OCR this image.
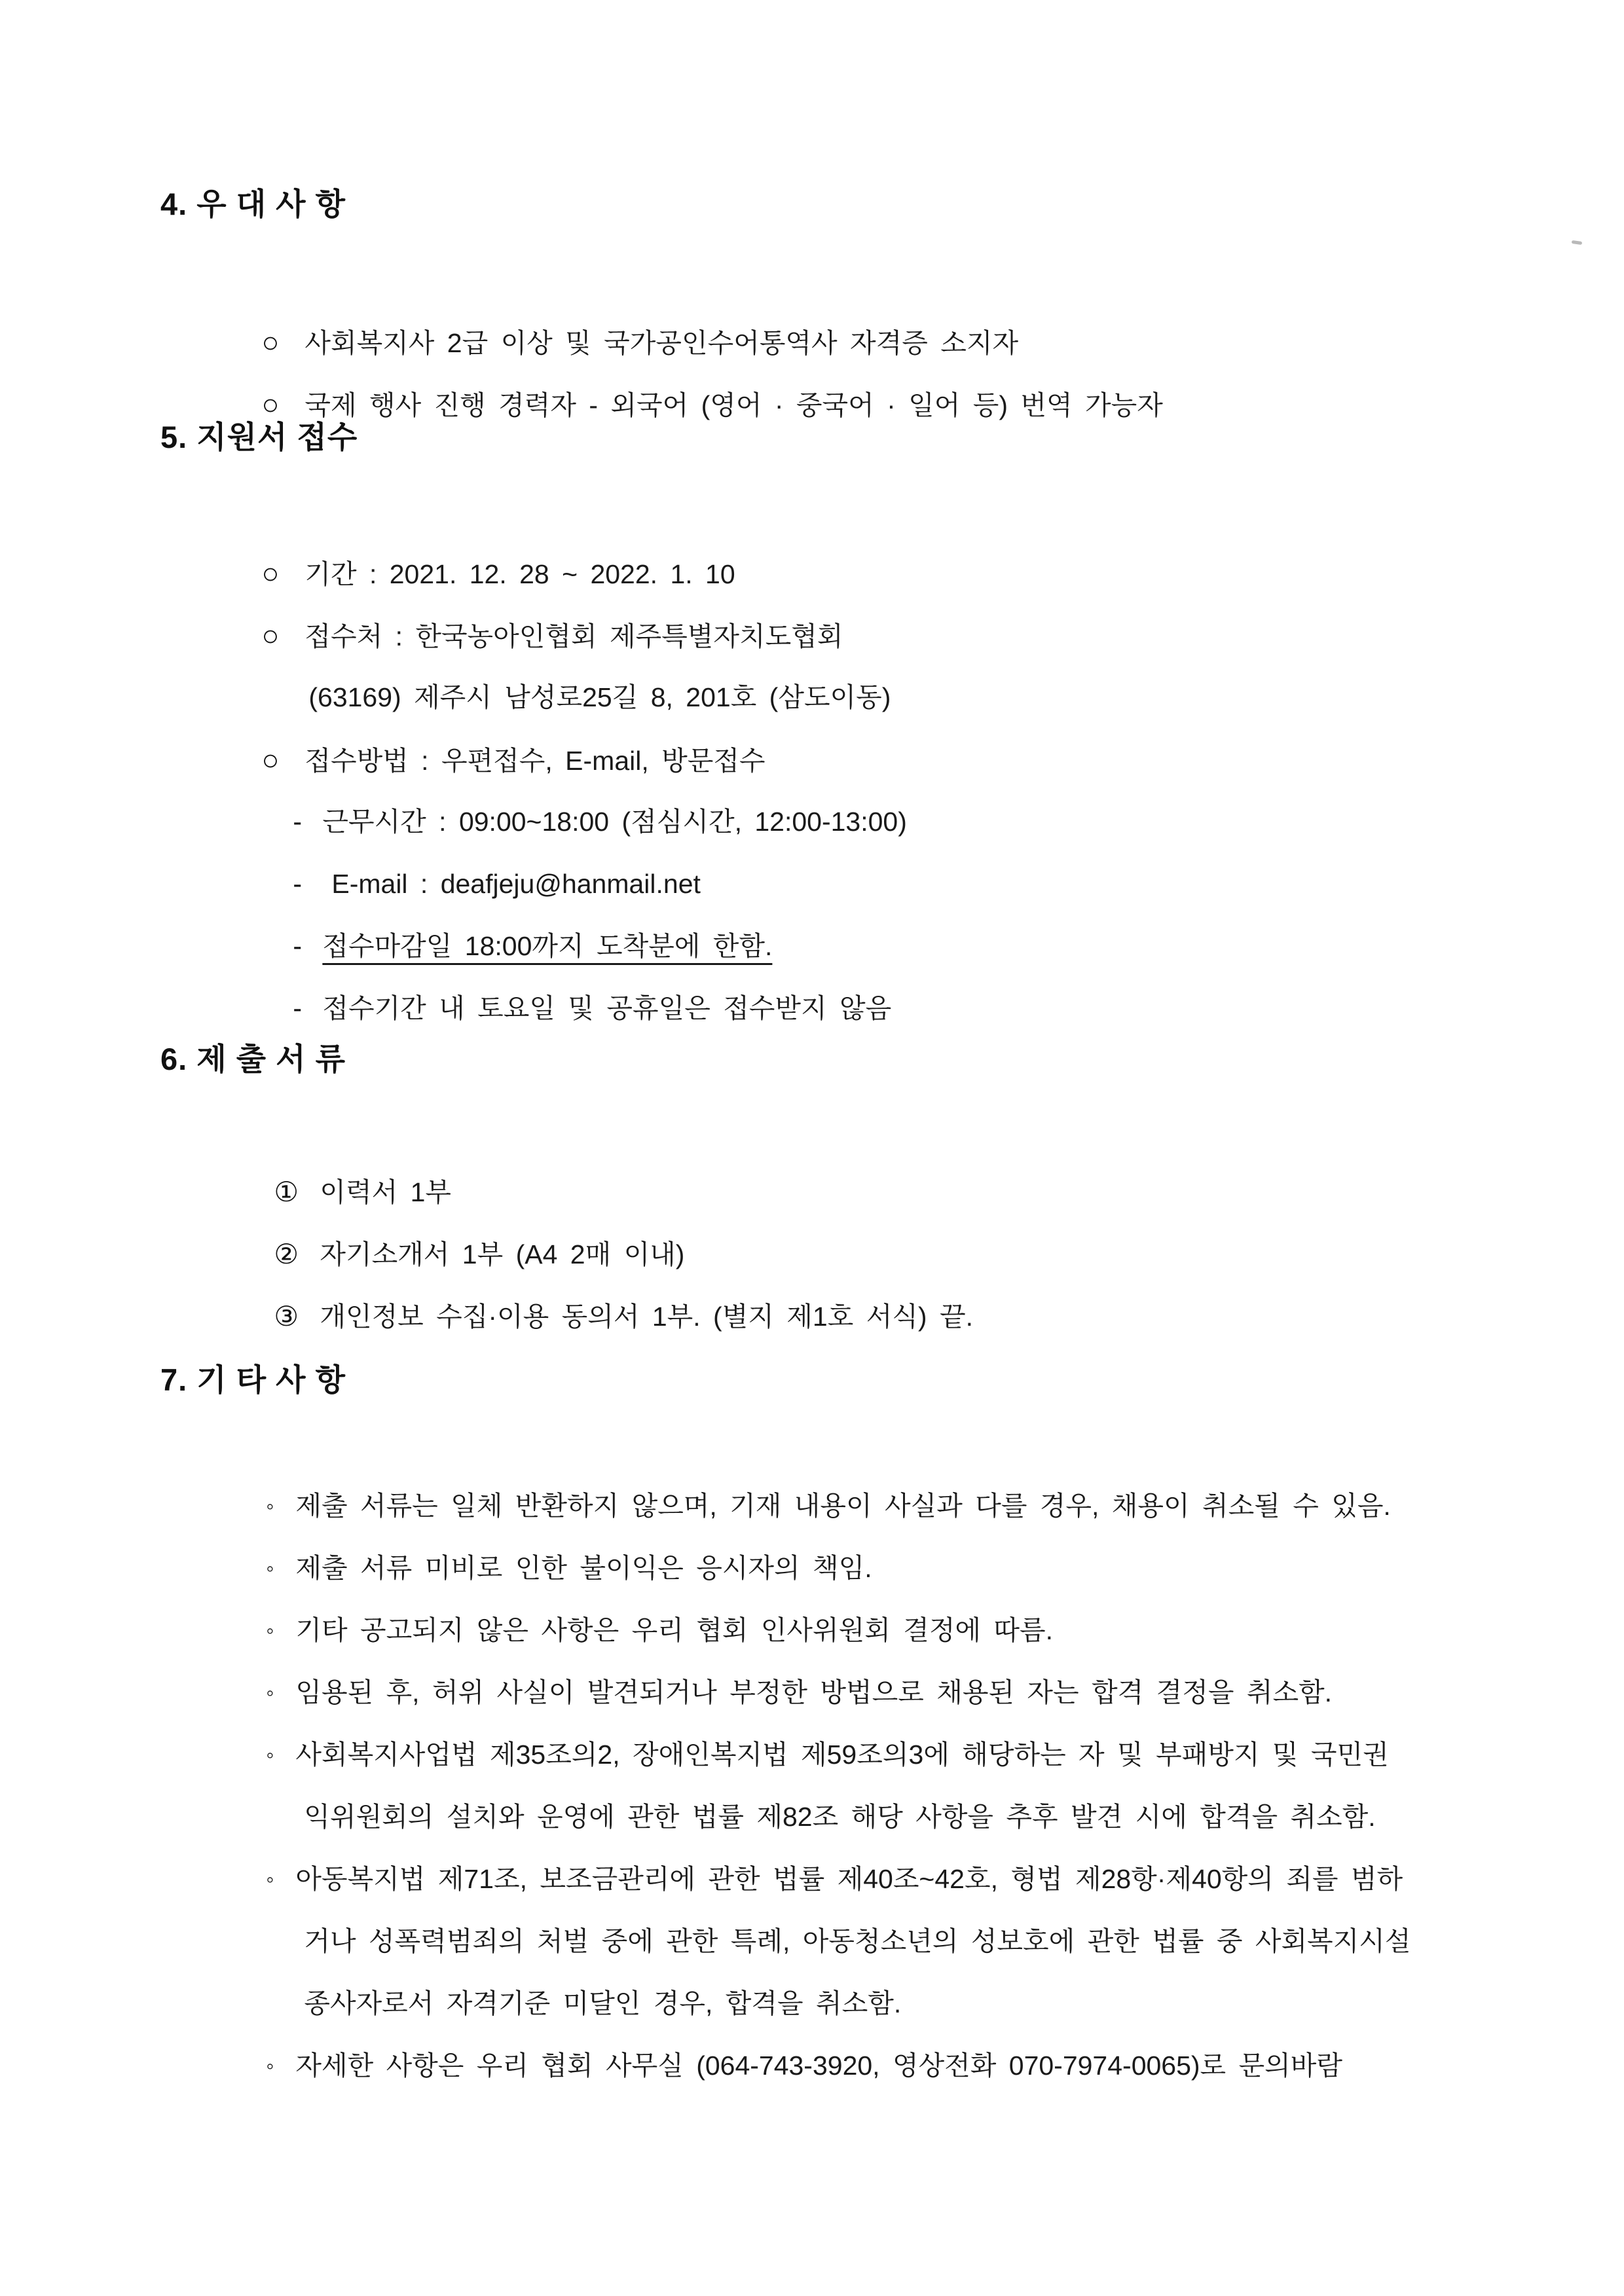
4. 우 대 사 항

○ 사회복지사 2급 이상 및 국가공인수어통역사 자격증 소지자

○ 국제 행사 진행 경력자 - 외국어 (영어 · 중국어 · 일어 등) 번역 가능자

5. 지원서 접수

○ 기간 : 2021. 12. 28 ~ 2022. 1. 10

○ 접수처 : 한국농아인협회 제주특별자치도협회

(63169) 제주시 남성로25길 8, 201호 (삼도이동)

○ 접수방법 : 우편접수, E-mail, 방문접수

- 근무시간 : 09:00~18:00 (점심시간, 12:00-13:00)

- E-mail : deafjeju@hanmail.net

- 접수마감일 18:00까지 도착분에 한함.

- 접수기간 내 토요일 및 공휴일은 접수받지 않음

6. 제 출 서 류

① 이력서 1부

② 자기소개서 1부 (A4 2매 이내)

③ 개인정보 수집·이용 동의서 1부. (별지 제1호 서식) 끝.

7. 기 타 사 항

◦ 제출 서류는 일체 반환하지 않으며, 기재 내용이 사실과 다를 경우, 채용이 취소될 수 있음.

◦ 제출 서류 미비로 인한 불이익은 응시자의 책임.

◦ 기타 공고되지 않은 사항은 우리 협회 인사위원회 결정에 따름.

◦ 임용된 후, 허위 사실이 발견되거나 부정한 방법으로 채용된 자는 합격 결정을 취소함.

◦ 사회복지사업법 제35조의2, 장애인복지법 제59조의3에 해당하는 자 및 부패방지 및 국민권

익위원회의 설치와 운영에 관한 법률 제82조 해당 사항을 추후 발견 시에 합격을 취소함.

◦ 아동복지법 제71조, 보조금관리에 관한 법률 제40조~42호, 형법 제28항·제40항의 죄를 범하

거나 성폭력범죄의 처벌 중에 관한 특례, 아동청소년의 성보호에 관한 법률 중 사회복지시설

종사자로서 자격기준 미달인 경우, 합격을 취소함.

◦ 자세한 사항은 우리 협회 사무실 (064-743-3920, 영상전화 070-7974-0065)로 문의바람
